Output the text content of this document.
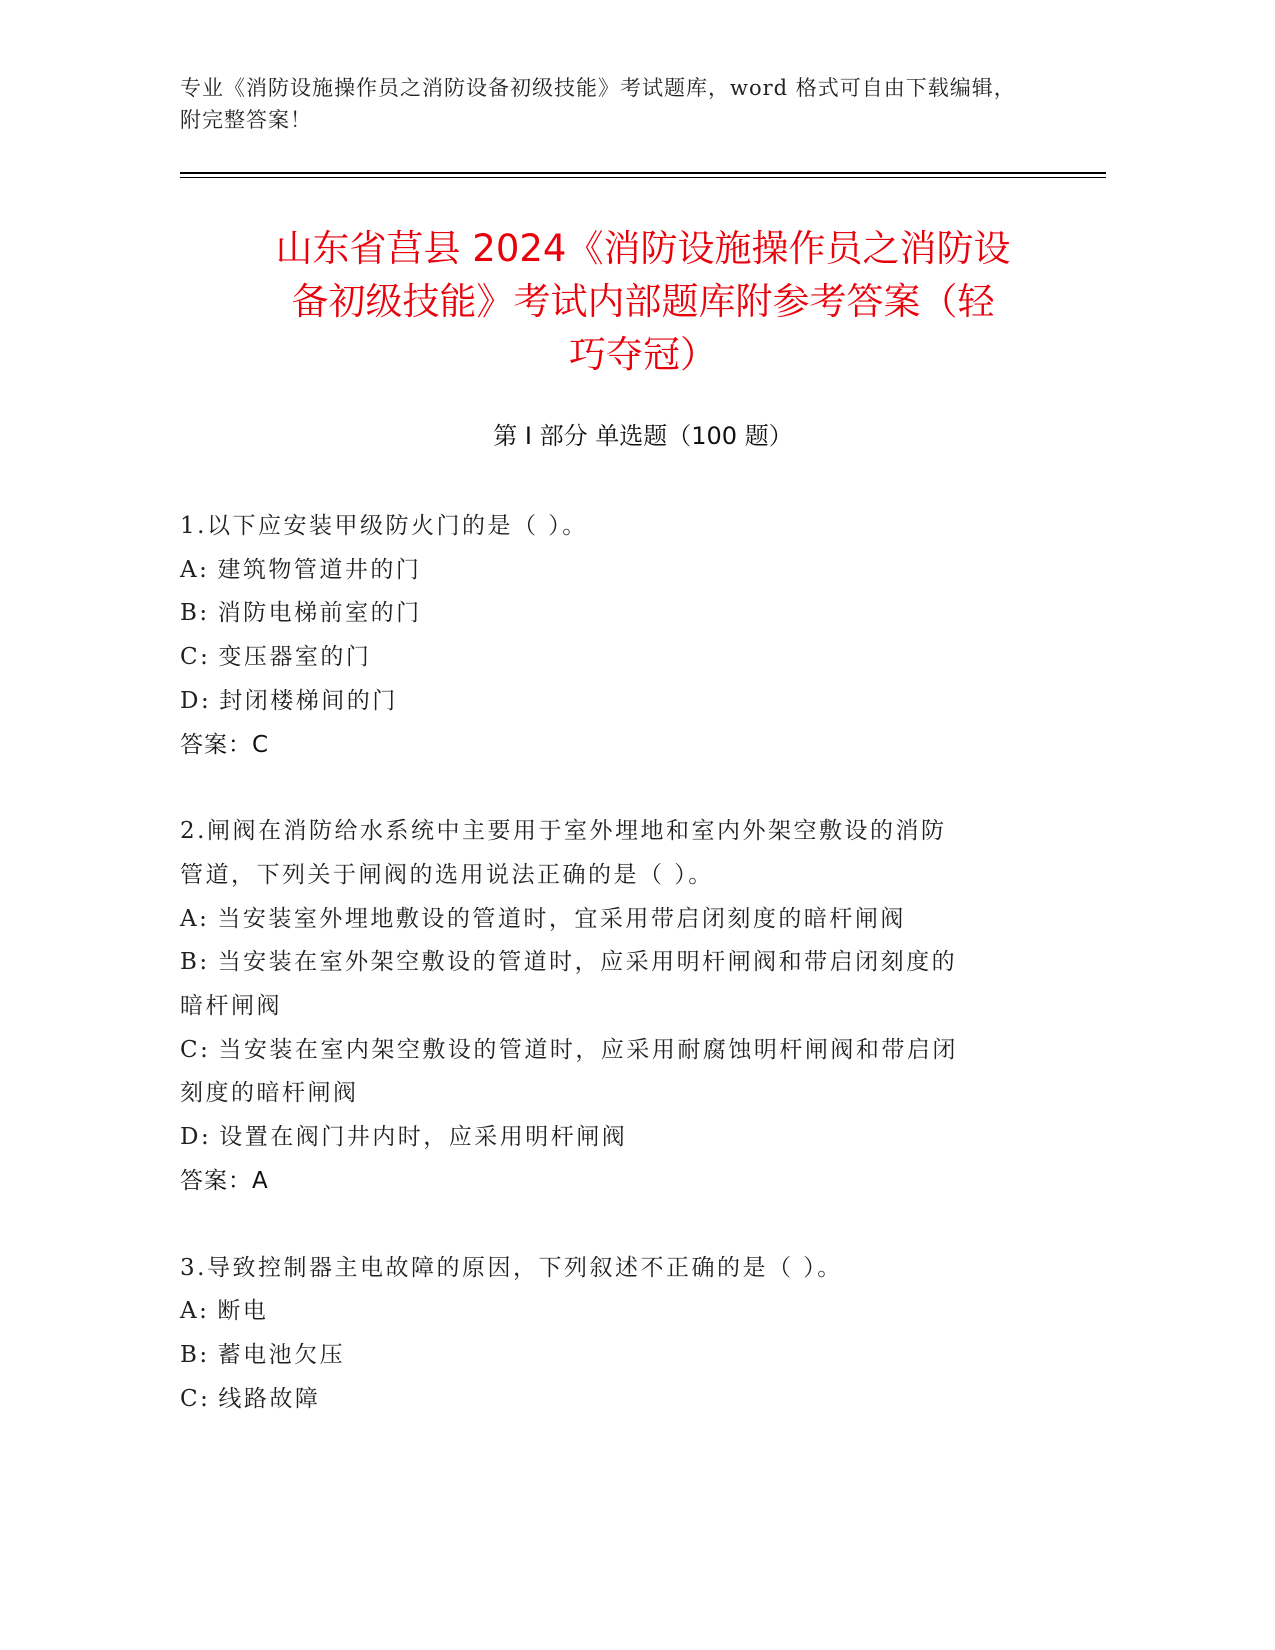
专业《消防设施操作员之消防设备初级技能》考试题库，word 格式可自由下载编辑，附完整答案！
山东省莒县 2024《消防设施操作员之消防设
备初级技能》考试内部题库附参考答案（轻
巧夺冠）
第 I 部分 单选题（100 题）
1.以下应安装甲级防火门的是（ ）。
A: 建筑物管道井的门
B: 消防电梯前室的门
C: 变压器室的门
D: 封闭楼梯间的门
答案：C
2.闸阀在消防给水系统中主要用于室外埋地和室内外架空敷设的消防
管道，下列关于闸阀的选用说法正确的是（ ）。
A: 当安装室外埋地敷设的管道时，宜采用带启闭刻度的暗杆闸阀
B: 当安装在室外架空敷设的管道时，应采用明杆闸阀和带启闭刻度的
暗杆闸阀
C: 当安装在室内架空敷设的管道时，应采用耐腐蚀明杆闸阀和带启闭
刻度的暗杆闸阀
D: 设置在阀门井内时，应采用明杆闸阀
答案：A
3.导致控制器主电故障的原因，下列叙述不正确的是（ ）。
A: 断电
B: 蓄电池欠压
C: 线路故障
